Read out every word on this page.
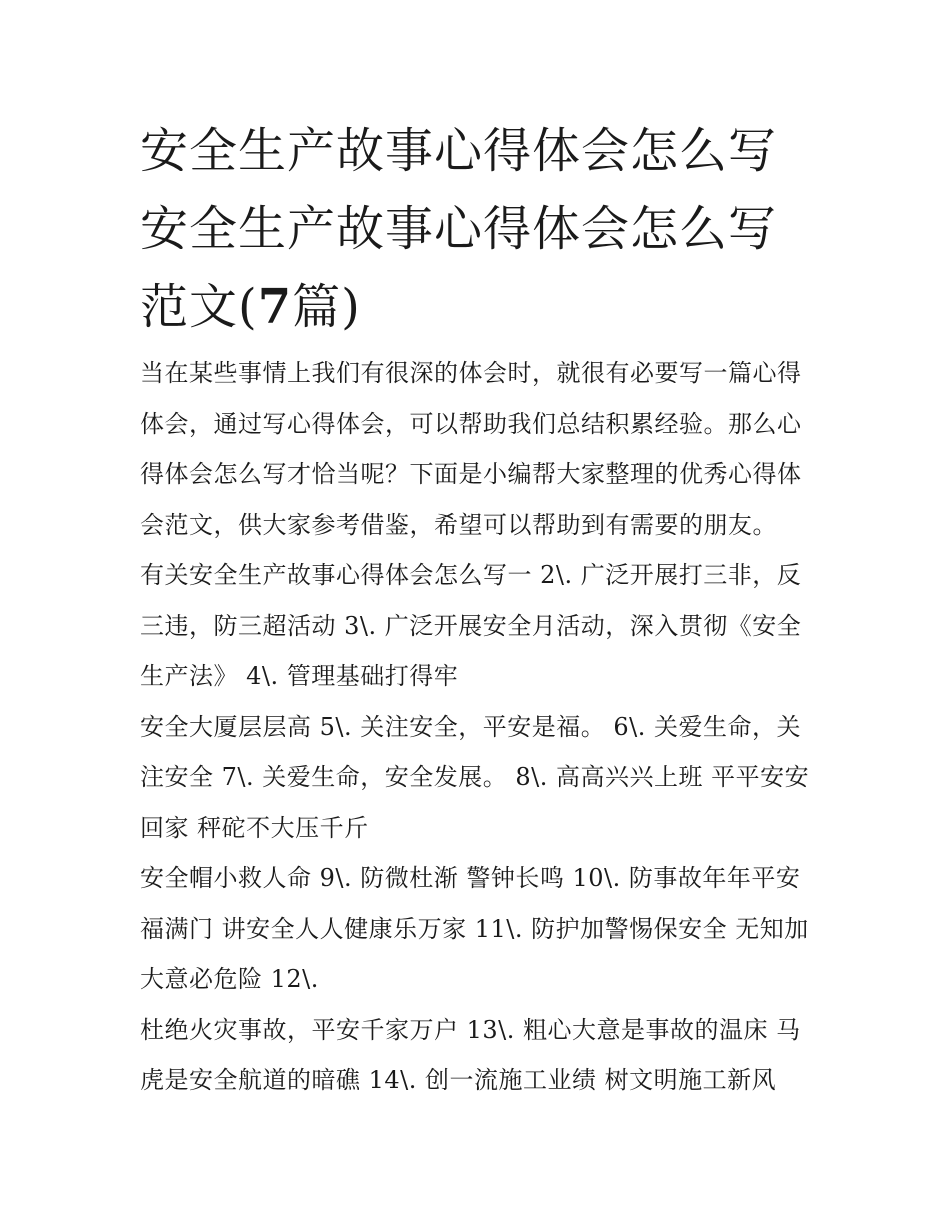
安全生产故事心得体会怎么写安全生产故事心得体会怎么写范文(7篇)

当在某些事情上我们有很深的体会时，就很有必要写一篇心得体会，通过写心得体会，可以帮助我们总结积累经验。那么心得体会怎么写才恰当呢？下面是小编帮大家整理的优秀心得体会范文，供大家参考借鉴，希望可以帮助到有需要的朋友。

有关安全生产故事心得体会怎么写一 2\. 广泛开展打三非，反三违，防三超活动 3\. 广泛开展安全月活动，深入贯彻《安全生产法》 4\. 管理基础打得牢

安全大厦层层高 5\. 关注安全，平安是福。 6\. 关爱生命，关注安全 7\. 关爱生命，安全发展。 8\. 高高兴兴上班 平平安安回家 秤砣不大压千斤

安全帽小救人命 9\. 防微杜渐 警钟长鸣 10\. 防事故年年平安福满门 讲安全人人健康乐万家 11\. 防护加警惕保安全 无知加大意必危险 12\.

杜绝火灾事故，平安千家万户 13\. 粗心大意是事故的温床 马虎是安全航道的暗礁 14\. 创一流施工业绩 树文明施工新风
